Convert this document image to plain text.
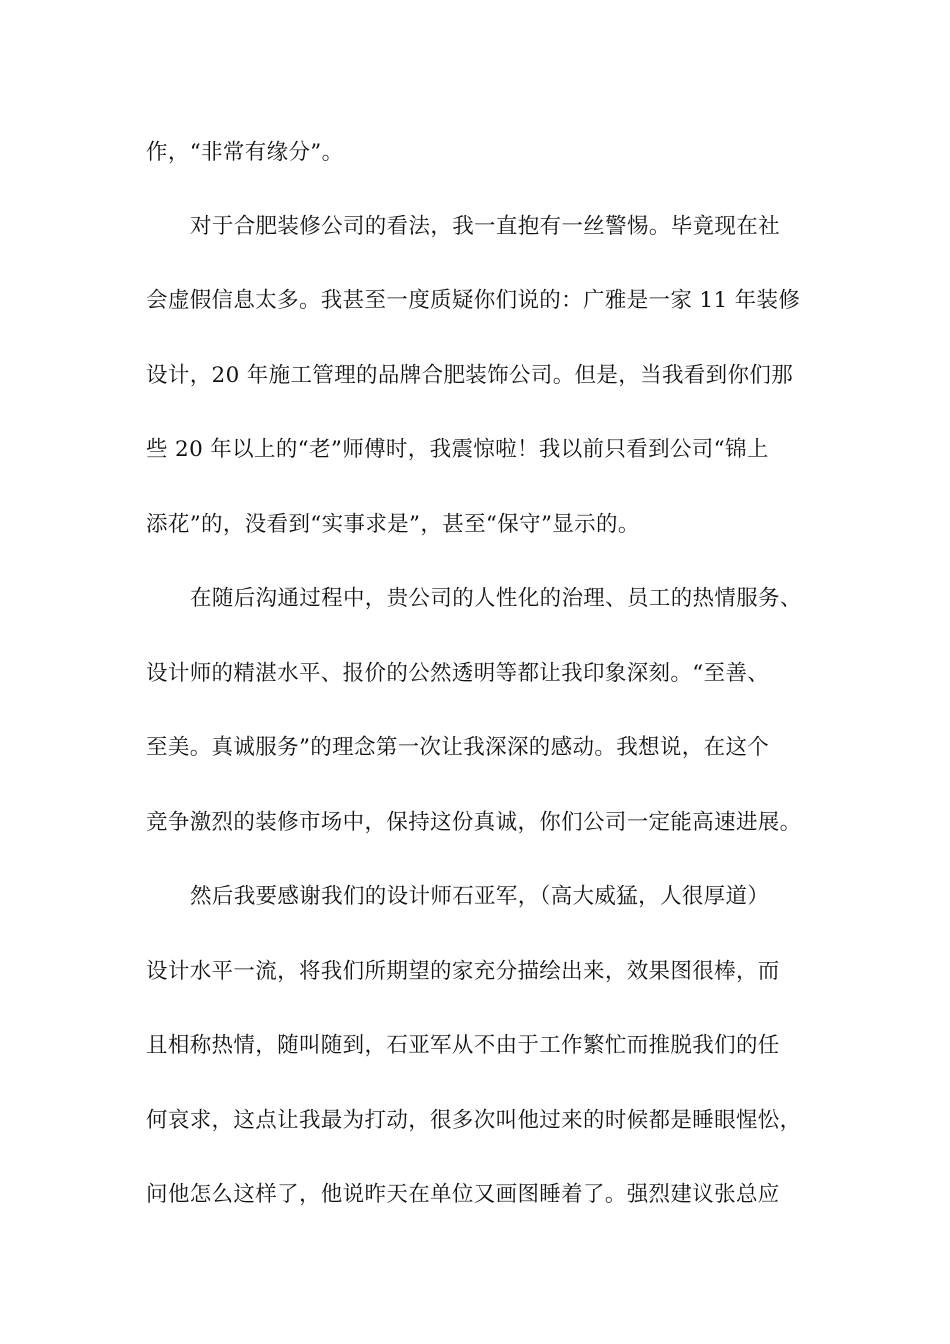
作，“非常有缘分”。
对于合肥装修公司的看法，我一直抱有一丝警惕。毕竟现在社
会虚假信息太多。我甚至一度质疑你们说的：广雅是一家 11 年装修
设计，20 年施工管理的品牌合肥装饰公司。但是，当我看到你们那
些 20 年以上的“老”师傅时，我震惊啦！我以前只看到公司“锦上
添花”的，没看到“实事求是”，甚至“保守”显示的。
在随后沟通过程中，贵公司的人性化的治理、员工的热情服务、
设计师的精湛水平、报价的公然透明等都让我印象深刻。“至善、
至美。真诚服务”的理念第一次让我深深的感动。我想说，在这个
竞争激烈的装修市场中，保持这份真诚，你们公司一定能高速进展。
然后我要感谢我们的设计师石亚军，（高大威猛，人很厚道）
设计水平一流，将我们所期望的家充分描绘出来，效果图很棒，而
且相称热情，随叫随到，石亚军从不由于工作繁忙而推脱我们的任
何哀求，这点让我最为打动，很多次叫他过来的时候都是睡眼惺忪，
问他怎么这样了，他说昨天在单位又画图睡着了。强烈建议张总应
